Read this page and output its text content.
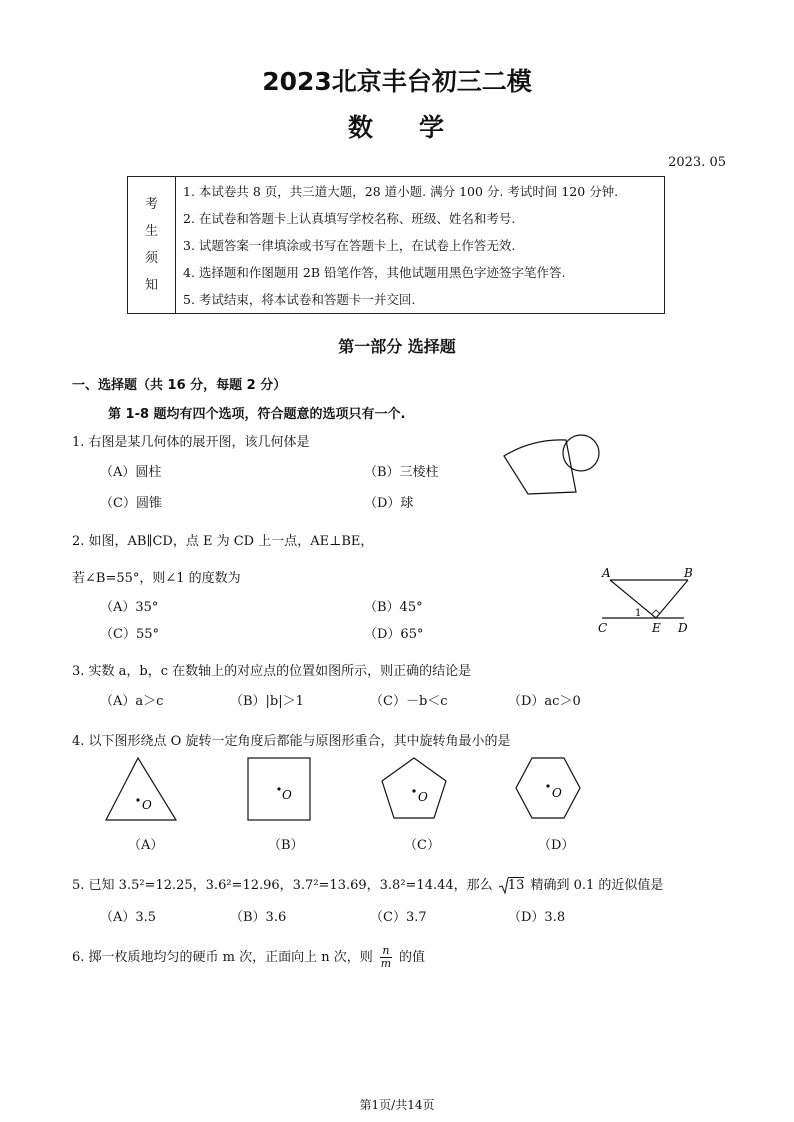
2023北京丰台初三二模
数 学
2023. 05
考
生
须
知
1. 本试卷共 8 页，共三道大题，28 道小题. 满分 100 分. 考试时间 120 分钟.
2. 在试卷和答题卡上认真填写学校名称、班级、姓名和考号.
3. 试题答案一律填涂或书写在答题卡上，在试卷上作答无效.
4. 选择题和作图题用 2B 铅笔作答，其他试题用黑色字迹签字笔作答.
5. 考试结束，将本试卷和答题卡一并交回.
第一部分 选择题
一、选择题（共 16 分，每题 2 分）
第 1-8 题均有四个选项，符合题意的选项只有一个.
1. 右图是某几何体的展开图，该几何体是
（A）圆柱	（B）三棱柱
（C）圆锥	（D）球
2. 如图，AB∥CD，点 E 为 CD 上一点，AE⊥BE，
若∠B=55°，则∠1 的度数为
（A）35°	（B）45°
（C）55°	（D）65°
A	B
C	E D
1
3. 实数 a，b，c 在数轴上的对应点的位置如图所示，则正确的结论是
（A）a＞c	（B）|b|＞1	（C）－b＜c	（D）ac＞0
4. 以下图形绕点 O 旋转一定角度后都能与原图形重合，其中旋转角最小的是
O
O	O	O
（A）	（B）	（C）	（D）
5. 已知 3.5²=12.25，3.6²=12.96，3.7²=13.69，3.8²=14.44，那么 13 精确到 0.1 的近似值是
（A）3.5	（B）3.6	（C）3.7	（D）3.8
6. 掷一枚质地均匀的硬币 m 次，正面向上 n 次，则 $\frac{n}{m}$ 的值
第1页/共14页
